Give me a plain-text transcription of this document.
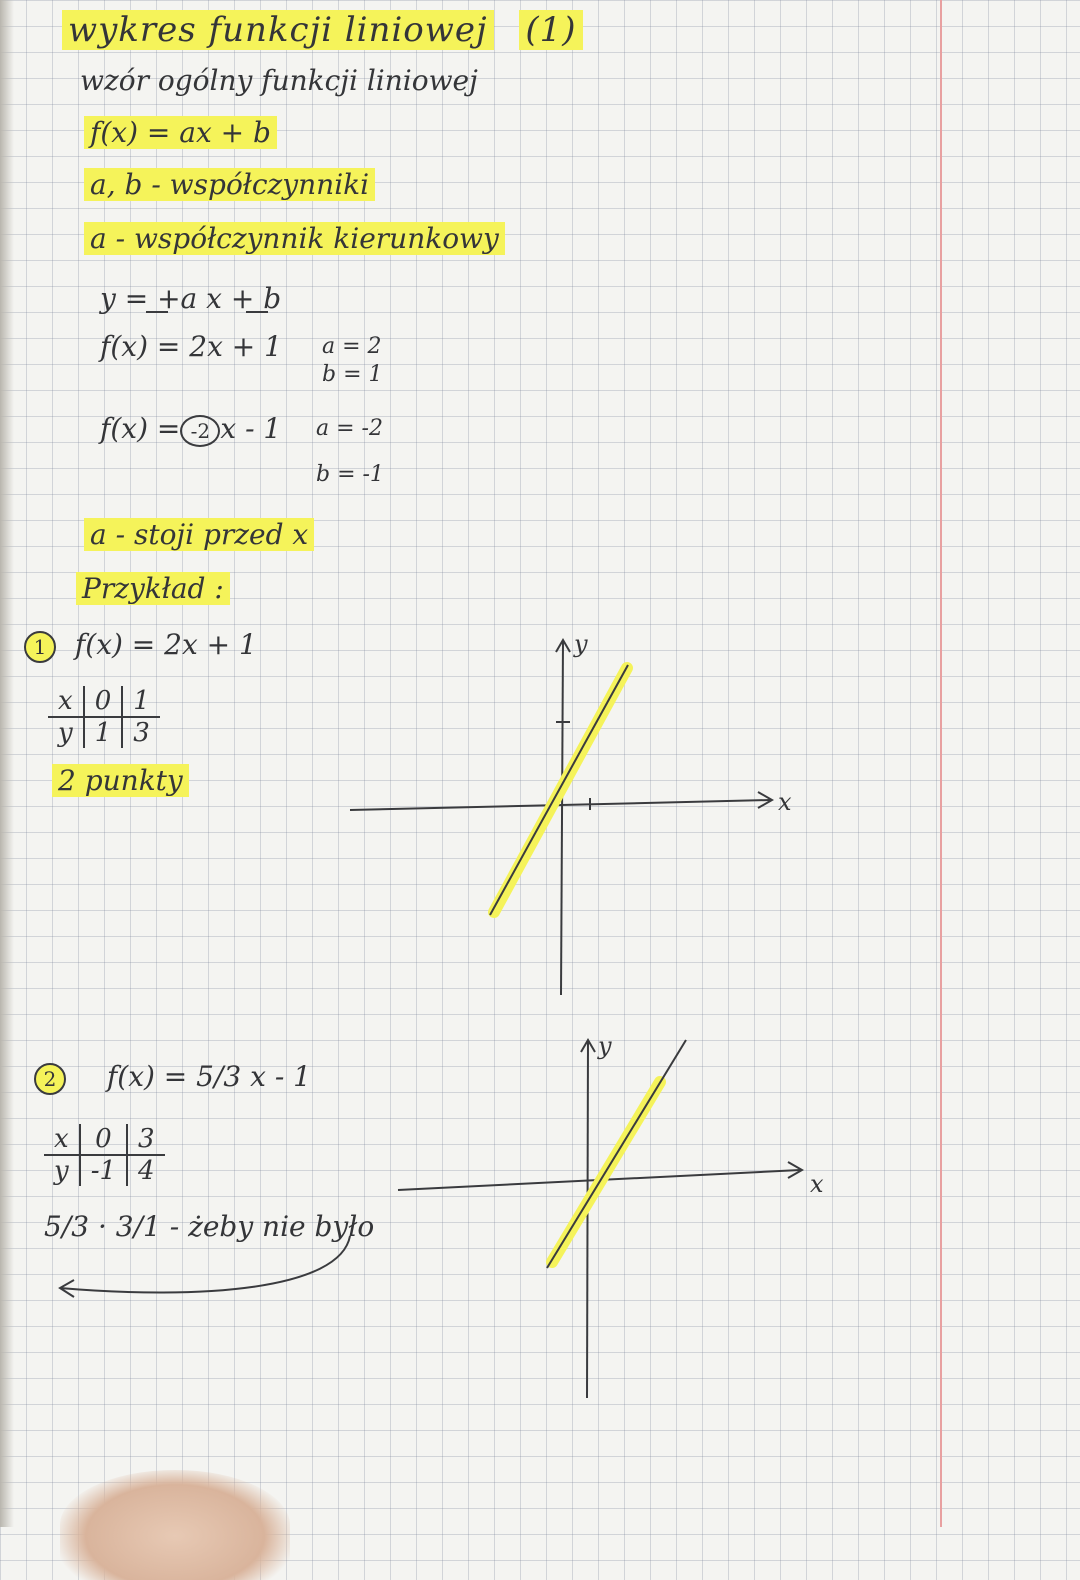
wykres funkcji liniowej (1)
wzór ogólny funkcji liniowej
f(x) = ax + b
a, b - współczynniki
a - współczynnik kierunkowy
y = +a x + b
f(x) = 2x + 1 a = 2
b = 1
f(x) = -2 x - 1 a = -2
b = -1
a - stoji przed x
Przykład :
1 f(x) = 2x + 1
x	0	1
y	1	3
2 punkty
2 f(x) = 5/3 x - 1
x	0	3
y	-1	4
5/3 · 3/1 - żeby nie było
x
y
x
y
